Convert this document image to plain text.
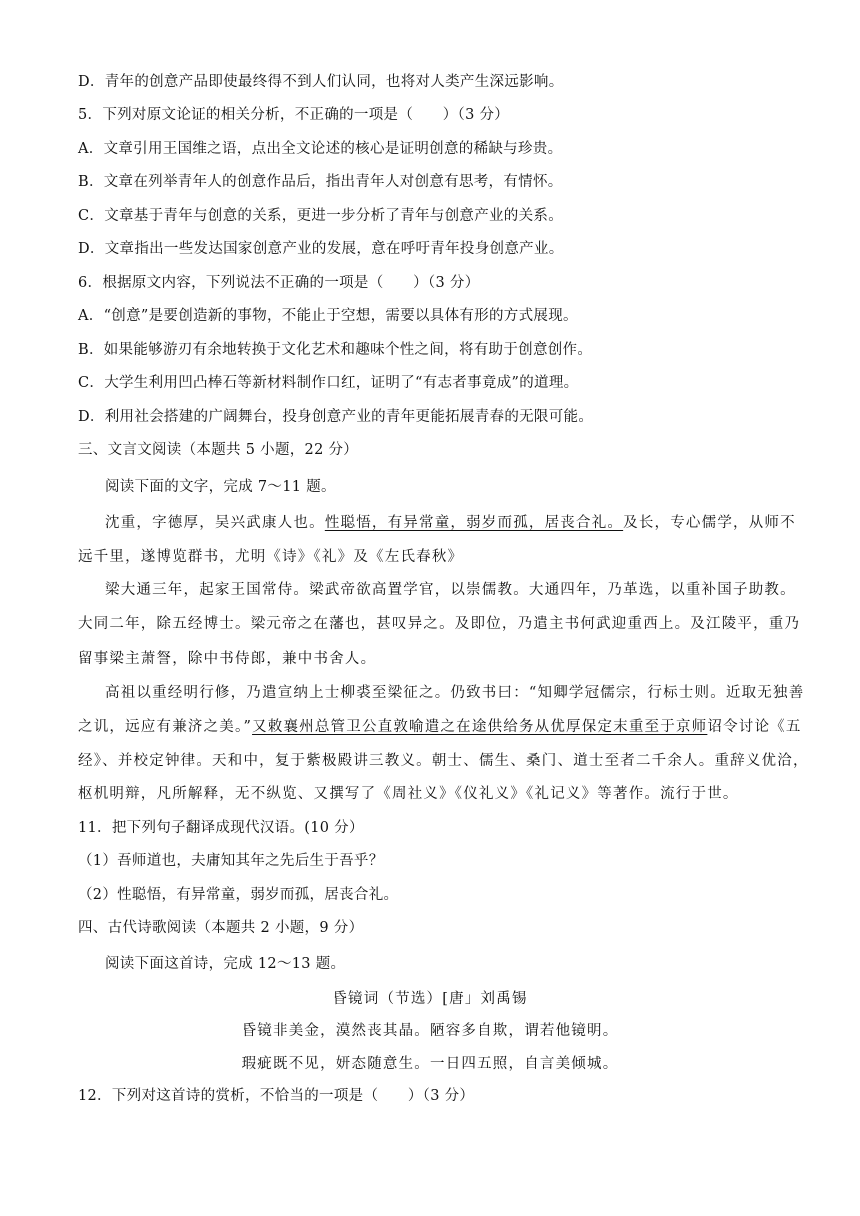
D．青年的创意产品即使最终得不到人们认同，也将对人类产生深远影响。
5．下列对原文论证的相关分析，不正确的一项是（　　）（3 分）
A．文章引用王国维之语，点出全文论述的核心是证明创意的稀缺与珍贵。
B．文章在列举青年人的创意作品后，指出青年人对创意有思考，有情怀。
C．文章基于青年与创意的关系，更进一步分析了青年与创意产业的关系。
D．文章指出一些发达国家创意产业的发展，意在呼吁青年投身创意产业。
6．根据原文内容，下列说法不正确的一项是（　　）（3 分）
A．“创意”是要创造新的事物，不能止于空想，需要以具体有形的方式展现。
B．如果能够游刃有余地转换于文化艺术和趣味个性之间，将有助于创意创作。
C．大学生利用凹凸棒石等新材料制作口红，证明了“有志者事竟成”的道理。
D．利用社会搭建的广阔舞台，投身创意产业的青年更能拓展青春的无限可能。
三、文言文阅读（本题共 5 小题，22 分）
阅读下面的文字，完成 7～11 题。
沈重，字德厚，吴兴武康人也。性聪悟，有异常童，弱岁而孤，居丧合礼。及长，专心儒学，从师不
远千里，遂博览群书，尤明《诗》《礼》及《左氏春秋》
梁大通三年，起家王国常侍。梁武帝欲高置学官，以崇儒教。大通四年，乃革选，以重补国子助教。
大同二年，除五经博士。梁元帝之在藩也，甚叹异之。及即位，乃遣主书何武迎重西上。及江陵平，重乃
留事梁主萧詧，除中书侍郎，兼中书舍人。
高祖以重经明行修，乃遣宣纳上士柳裘至梁征之。仍致书曰：“知卿学冠儒宗，行标士则。近取无独善
之讥，远应有兼济之美。”又敕襄州总管卫公直敦喻遣之在途供给务从优厚保定末重至于京师诏令讨论《五
经》、并校定钟律。天和中，复于紫极殿讲三教义。朝士、儒生、桑门、道士至者二千余人。重辞义优洽，
枢机明辩，凡所解释，无不纵览、又撰写了《周社义》《仪礼义》《礼记义》等著作。流行于世。
11．把下列句子翻译成现代汉语。(10 分）
（1）吾师道也，夫庸知其年之先后生于吾乎？
（2）性聪悟，有异常童，弱岁而孤，居丧合礼。
四、古代诗歌阅读（本题共 2 小题，9 分）
阅读下面这首诗，完成 12～13 题。
昏镜词（节选）[唐」刘禹锡
昏镜非美金，漠然丧其晶。陋容多自欺，谓若他镜明。
瑕疵既不见，妍态随意生。一日四五照，自言美倾城。
12．下列对这首诗的赏析，不恰当的一项是（　　）（3 分）
